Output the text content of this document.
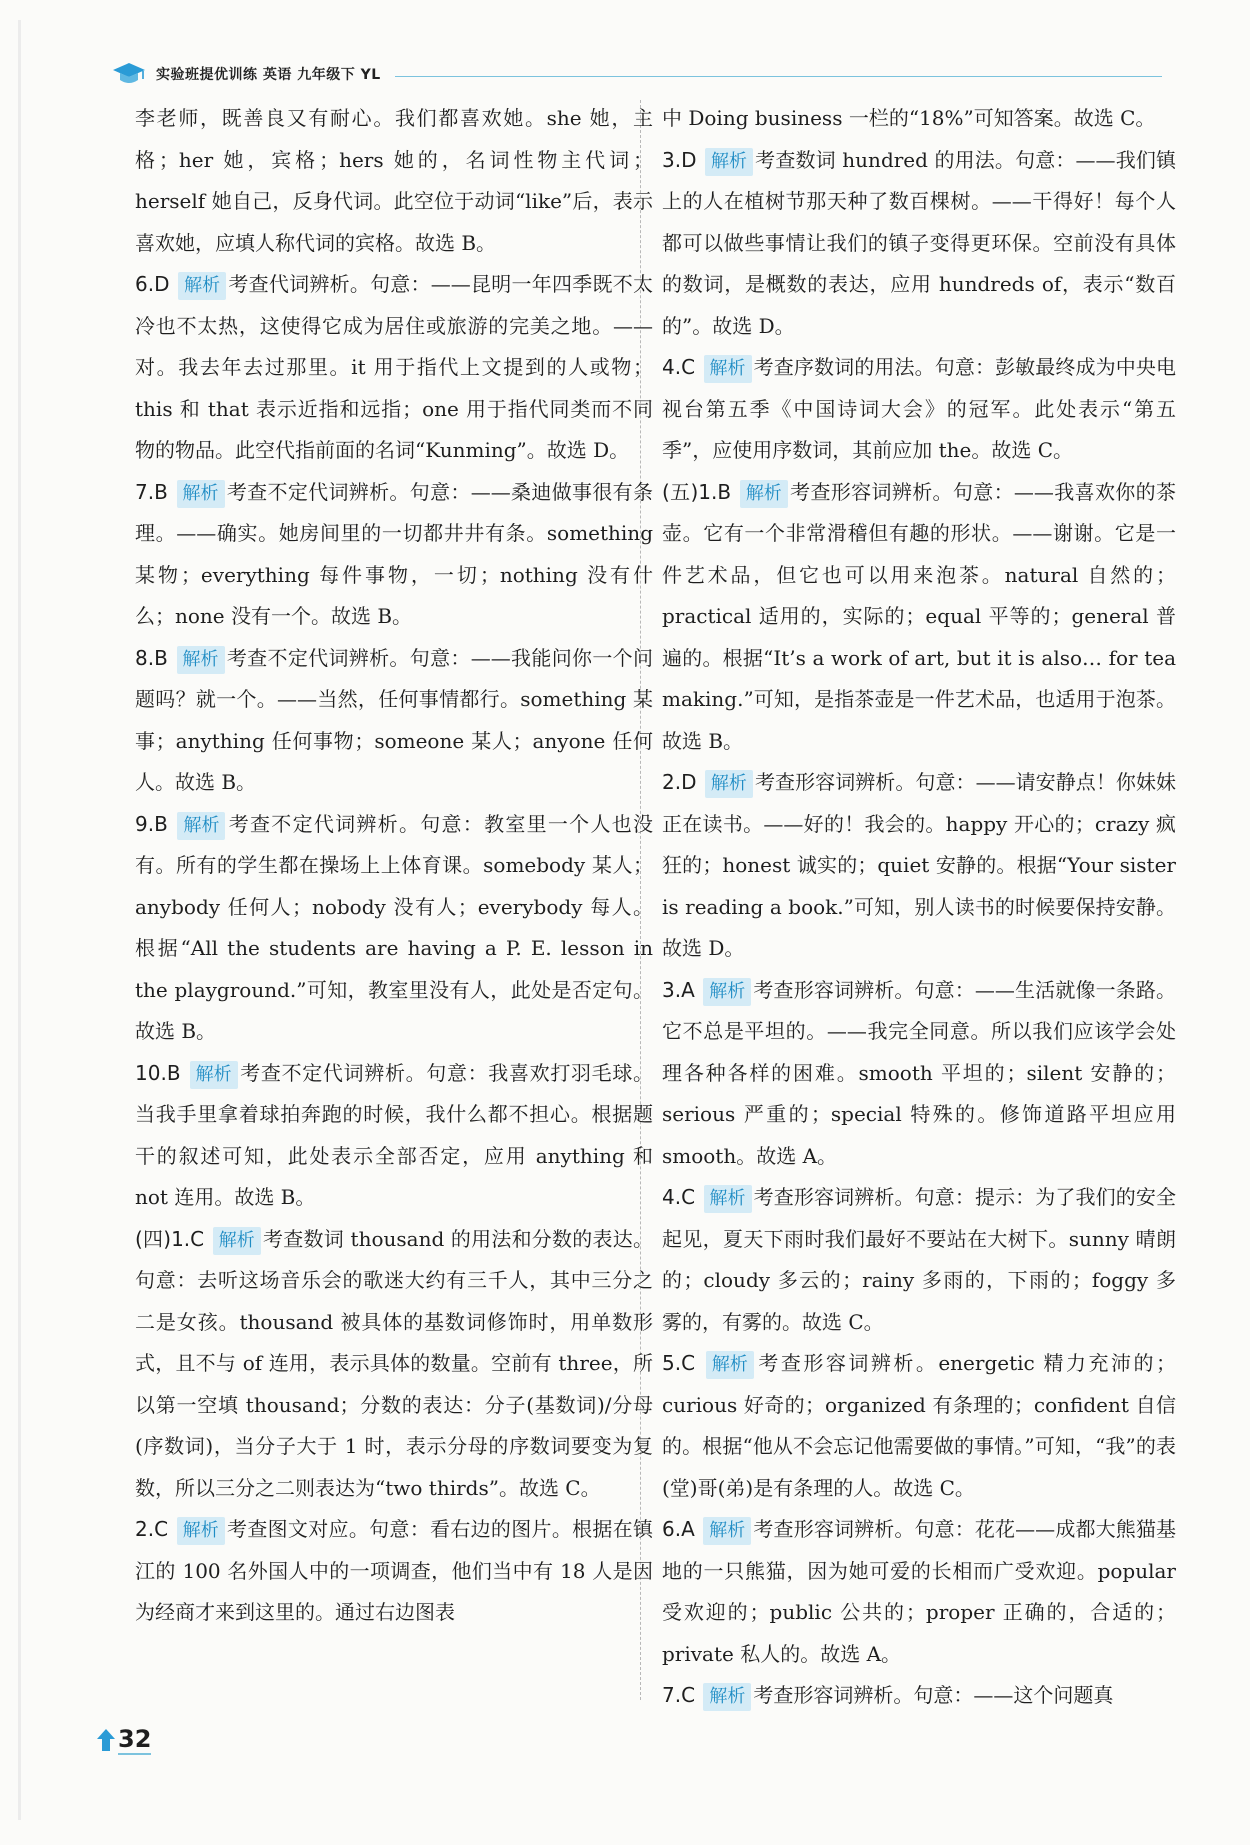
实验班提优训练 英语 九年级下 YL
李老师，既善良又有耐心。我们都喜欢她。she 她，主格；her 她，宾格；hers 她的，名词性物主代词；herself 她自己，反身代词。此空位于动词“like”后，表示喜欢她，应填人称代词的宾格。故选 B。
6.D 解析 考查代词辨析。句意：——昆明一年四季既不太冷也不太热，这使得它成为居住或旅游的完美之地。——对。我去年去过那里。it 用于指代上文提到的人或物；this 和 that 表示近指和远指；one 用于指代同类而不同物的物品。此空代指前面的名词“Kunming”。故选 D。
7.B 解析 考查不定代词辨析。句意：——桑迪做事很有条理。——确实。她房间里的一切都井井有条。something 某物；everything 每件事物，一切；nothing 没有什么；none 没有一个。故选 B。
8.B 解析 考查不定代词辨析。句意：——我能问你一个问题吗？就一个。——当然，任何事情都行。something 某事；anything 任何事物；someone 某人；anyone 任何人。故选 B。
9.B 解析 考查不定代词辨析。句意：教室里一个人也没有。所有的学生都在操场上上体育课。somebody 某人；anybody 任何人；nobody 没有人；everybody 每人。根据“All the students are having a P. E. lesson in the playground.”可知，教室里没有人，此处是否定句。故选 B。
10.B 解析 考查不定代词辨析。句意：我喜欢打羽毛球。当我手里拿着球拍奔跑的时候，我什么都不担心。根据题干的叙述可知，此处表示全部否定，应用 anything 和 not 连用。故选 B。
(四)1.C 解析 考查数词 thousand 的用法和分数的表达。句意：去听这场音乐会的歌迷大约有三千人，其中三分之二是女孩。thousand 被具体的基数词修饰时，用单数形式，且不与 of 连用，表示具体的数量。空前有 three，所以第一空填 thousand；分数的表达：分子(基数词)/分母(序数词)，当分子大于 1 时，表示分母的序数词要变为复数，所以三分之二则表达为“two thirds”。故选 C。
2.C 解析 考查图文对应。句意：看右边的图片。根据在镇江的 100 名外国人中的一项调查，他们当中有 18 人是因为经商才来到这里的。通过右边图表
中 Doing business 一栏的“18%”可知答案。故选 C。
3.D 解析 考查数词 hundred 的用法。句意：——我们镇上的人在植树节那天种了数百棵树。——干得好！每个人都可以做些事情让我们的镇子变得更环保。空前没有具体的数词，是概数的表达，应用 hundreds of，表示“数百的”。故选 D。
4.C 解析 考查序数词的用法。句意：彭敏最终成为中央电视台第五季《中国诗词大会》的冠军。此处表示“第五季”，应使用序数词，其前应加 the。故选 C。
(五)1.B 解析 考查形容词辨析。句意：——我喜欢你的茶壶。它有一个非常滑稽但有趣的形状。——谢谢。它是一件艺术品，但它也可以用来泡茶。natural 自然的；practical 适用的，实际的；equal 平等的；general 普遍的。根据“It’s a work of art, but it is also… for tea making.”可知，是指茶壶是一件艺术品，也适用于泡茶。故选 B。
2.D 解析 考查形容词辨析。句意：——请安静点！你妹妹正在读书。——好的！我会的。happy 开心的；crazy 疯狂的；honest 诚实的；quiet 安静的。根据“Your sister is reading a book.”可知，别人读书的时候要保持安静。故选 D。
3.A 解析 考查形容词辨析。句意：——生活就像一条路。它不总是平坦的。——我完全同意。所以我们应该学会处理各种各样的困难。smooth 平坦的；silent 安静的；serious 严重的；special 特殊的。修饰道路平坦应用 smooth。故选 A。
4.C 解析 考查形容词辨析。句意：提示：为了我们的安全起见，夏天下雨时我们最好不要站在大树下。sunny 晴朗的；cloudy 多云的；rainy 多雨的，下雨的；foggy 多雾的，有雾的。故选 C。
5.C 解析 考查形容词辨析。energetic 精力充沛的；curious 好奇的；organized 有条理的；confident 自信的。根据“他从不会忘记他需要做的事情。”可知，“我”的表(堂)哥(弟)是有条理的人。故选 C。
6.A 解析 考查形容词辨析。句意：花花——成都大熊猫基地的一只熊猫，因为她可爱的长相而广受欢迎。popular 受欢迎的；public 公共的；proper 正确的，合适的；private 私人的。故选 A。
7.C 解析 考查形容词辨析。句意：——这个问题真
32
